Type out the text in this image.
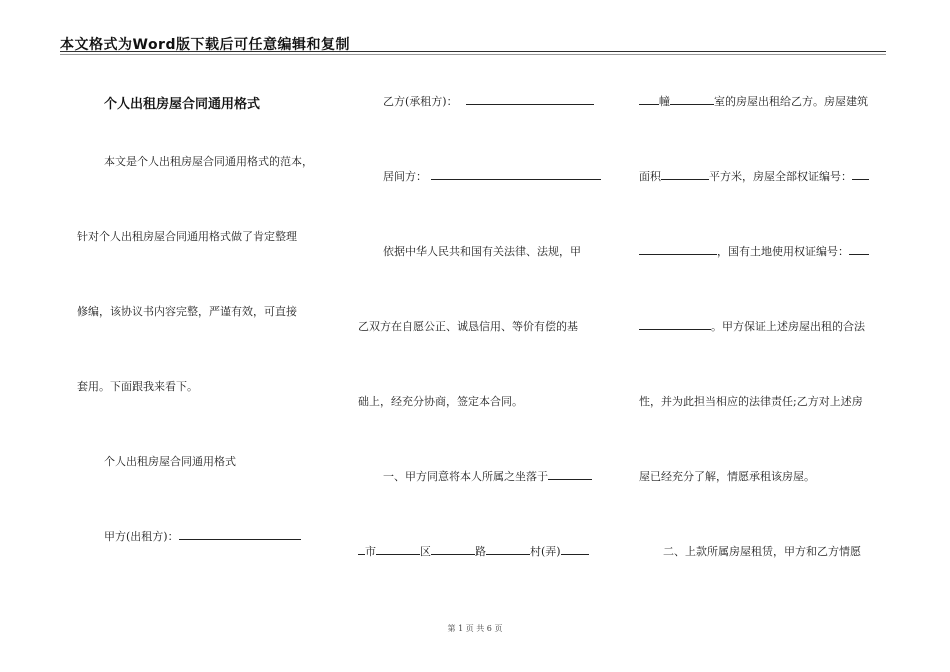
本文格式为Word版下载后可任意编辑和复制
个人出租房屋合同通用格式
本文是个人出租房屋合同通用格式的范本，
针对个人出租房屋合同通用格式做了肯定整理
修编，该协议书内容完整，严谨有效，可直接
套用。下面跟我来看下。
个人出租房屋合同通用格式
甲方(出租方)：
乙方(承租方)：
居间方：
依据中华人民共和国有关法律、法规，甲
乙双方在自愿公正、诚恳信用、等价有偿的基
础上，经充分协商，签定本合同。
一、甲方同意将本人所属之坐落于
市	区	路	村(弄)
幢	室的房屋出租给乙方。房屋建筑
面积	平方米，房屋全部权证编号：
，国有土地使用权证编号：
。甲方保证上述房屋出租的合法
性，并为此担当相应的法律责任;乙方对上述房
屋已经充分了解，情愿承租该房屋。
二、上款所属房屋租赁，甲方和乙方情愿
第 1 页 共 6 页
